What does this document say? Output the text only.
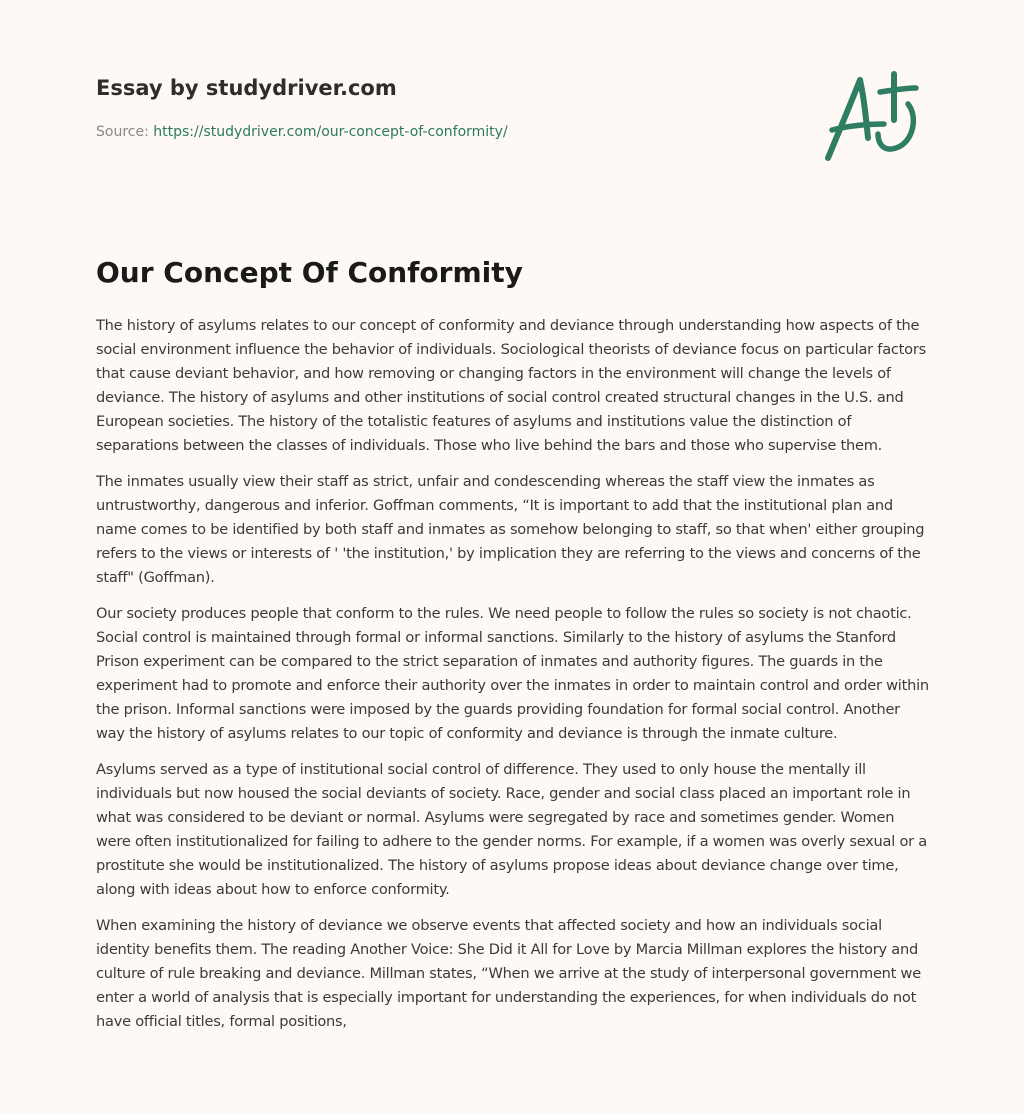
Essay by studydriver.com
Source: https://studydriver.com/our-concept-of-conformity/
Our Concept Of Conformity

The history of asylums relates to our concept of conformity and deviance through understanding how aspects of the social environment influence the behavior of individuals. Sociological theorists of deviance focus on particular factors that cause deviant behavior, and how removing or changing factors in the environment will change the levels of deviance. The history of asylums and other institutions of social control created structural changes in the U.S. and European societies. The history of the totalistic features of asylums and institutions value the distinction of separations between the classes of individuals. Those who live behind the bars and those who supervise them.

The inmates usually view their staff as strict, unfair and condescending whereas the staff view the inmates as untrustworthy, dangerous and inferior. Goffman comments, “It is important to add that the institutional plan and name comes to be identified by both staff and inmates as somehow belonging to staff, so that when' either grouping refers to the views or interests of ' 'the institution,' by implication they are referring to the views and concerns of the staff" (Goffman).

Our society produces people that conform to the rules. We need people to follow the rules so society is not chaotic. Social control is maintained through formal or informal sanctions. Similarly to the history of asylums the Stanford Prison experiment can be compared to the strict separation of inmates and authority figures. The guards in the experiment had to promote and enforce their authority over the inmates in order to maintain control and order within the prison. Informal sanctions were imposed by the guards providing foundation for formal social control. Another way the history of asylums relates to our topic of conformity and deviance is through the inmate culture.

Asylums served as a type of institutional social control of difference. They used to only house the mentally ill individuals but now housed the social deviants of society. Race, gender and social class placed an important role in what was considered to be deviant or normal. Asylums were segregated by race and sometimes gender. Women were often institutionalized for failing to adhere to the gender norms. For example, if a women was overly sexual or a prostitute she would be institutionalized. The history of asylums propose ideas about deviance change over time, along with ideas about how to enforce conformity.

When examining the history of deviance we observe events that affected society and how an individuals social identity benefits them. The reading Another Voice: She Did it All for Love by Marcia Millman explores the history and culture of rule breaking and deviance. Millman states, “When we arrive at the study of interpersonal government we enter a world of analysis that is especially important for understanding the experiences, for when individuals do not have official titles, formal positions,
